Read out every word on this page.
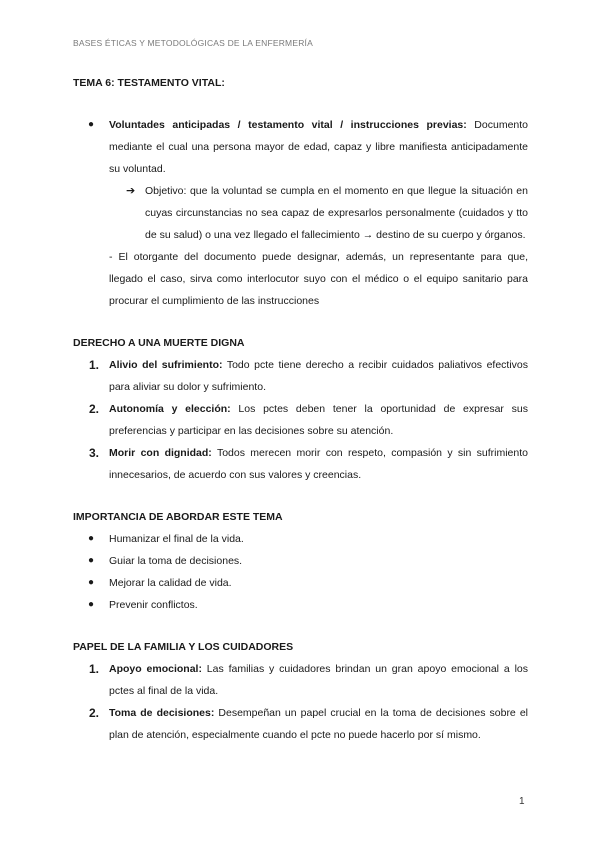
BASES ÉTICAS Y METODOLÓGICAS DE LA ENFERMERÍA

TEMA 6: TESTAMENTO VITAL:

● Voluntades anticipadas / testamento vital / instrucciones previas: Documento mediante el cual una persona mayor de edad, capaz y libre manifiesta anticipadamente su voluntad.
➔ Objetivo: que la voluntad se cumpla en el momento en que llegue la situación en cuyas circunstancias no sea capaz de expresarlos personalmente (cuidados y tto de su salud) o una vez llegado el fallecimiento → destino de su cuerpo y órganos.
- El otorgante del documento puede designar, además, un representante para que, llegado el caso, sirva como interlocutor suyo con el médico o el equipo sanitario para procurar el cumplimiento de las instrucciones

DERECHO A UNA MUERTE DIGNA

1. Alivio del sufrimiento: Todo pcte tiene derecho a recibir cuidados paliativos efectivos para aliviar su dolor y sufrimiento.
2. Autonomía y elección: Los pctes deben tener la oportunidad de expresar sus preferencias y participar en las decisiones sobre su atención.
3. Morir con dignidad: Todos merecen morir con respeto, compasión y sin sufrimiento innecesarios, de acuerdo con sus valores y creencias.

IMPORTANCIA DE ABORDAR ESTE TEMA

● Humanizar el final de la vida.
● Guiar la toma de decisiones.
● Mejorar la calidad de vida.
● Prevenir conflictos.

PAPEL DE LA FAMILIA Y LOS CUIDADORES

1. Apoyo emocional: Las familias y cuidadores brindan un gran apoyo emocional a los pctes al final de la vida.
2. Toma de decisiones: Desempeñan un papel crucial en la toma de decisiones sobre el plan de atención, especialmente cuando el pcte no puede hacerlo por sí mismo.
1
